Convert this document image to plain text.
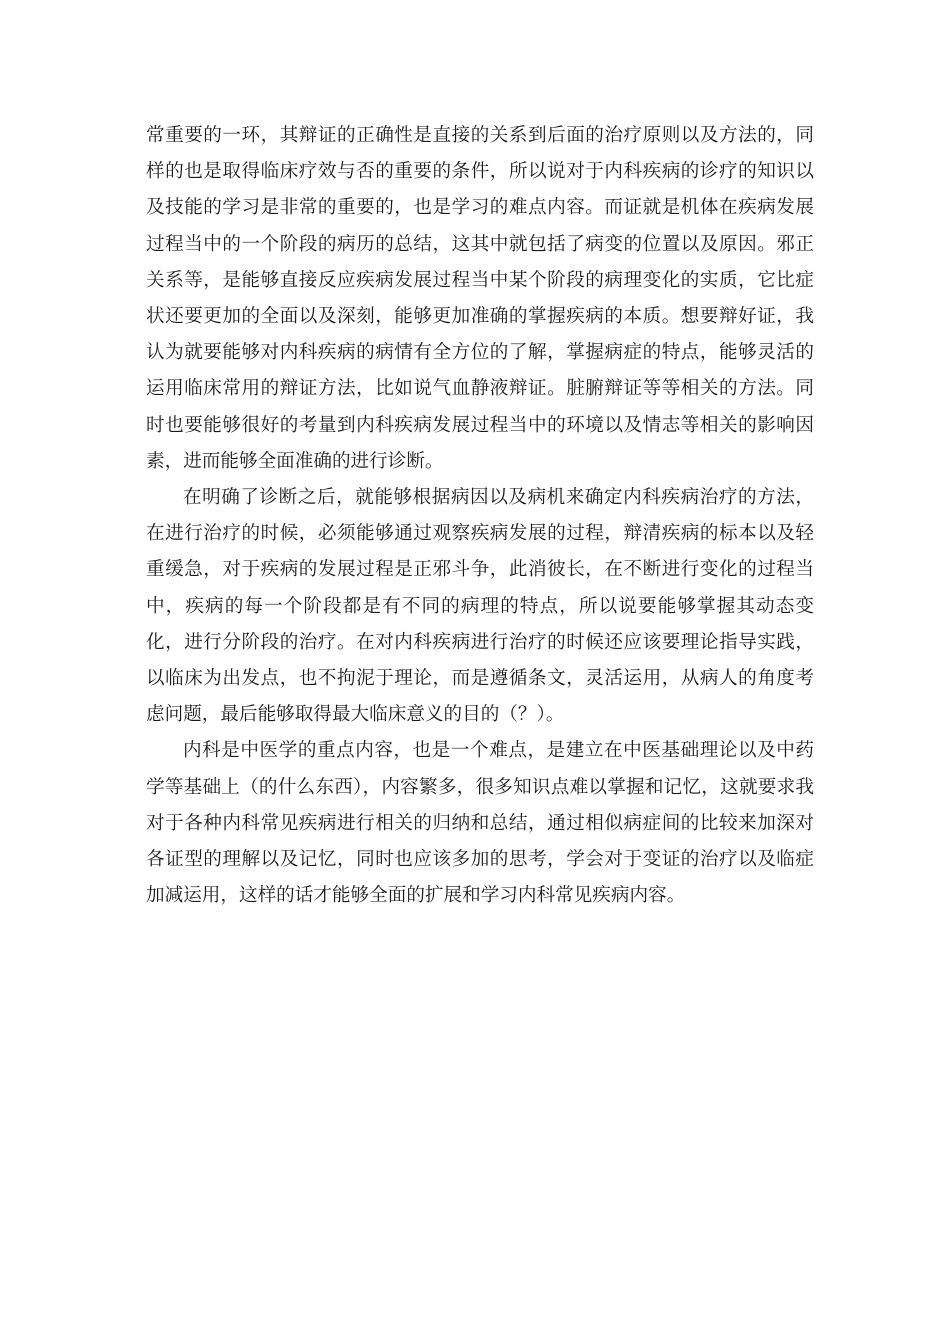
常重要的一环，其辩证的正确性是直接的关系到后面的治疗原则以及方法的，同样的也是取得临床疗效与否的重要的条件，所以说对于内科疾病的诊疗的知识以及技能的学习是非常的重要的，也是学习的难点内容。而证就是机体在疾病发展过程当中的一个阶段的病历的总结，这其中就包括了病变的位置以及原因。邪正关系等，是能够直接反应疾病发展过程当中某个阶段的病理变化的实质，它比症状还要更加的全面以及深刻，能够更加准确的掌握疾病的本质。想要辩好证，我认为就要能够对内科疾病的病情有全方位的了解，掌握病症的特点，能够灵活的运用临床常用的辩证方法，比如说气血静液辩证。脏腑辩证等等相关的方法。同时也要能够很好的考量到内科疾病发展过程当中的环境以及情志等相关的影响因素，进而能够全面准确的进行诊断。

在明确了诊断之后，就能够根据病因以及病机来确定内科疾病治疗的方法，在进行治疗的时候，必须能够通过观察疾病发展的过程，辩清疾病的标本以及轻重缓急，对于疾病的发展过程是正邪斗争，此消彼长，在不断进行变化的过程当中，疾病的每一个阶段都是有不同的病理的特点，所以说要能够掌握其动态变化，进行分阶段的治疗。在对内科疾病进行治疗的时候还应该要理论指导实践，以临床为出发点，也不拘泥于理论，而是遵循条文，灵活运用，从病人的角度考虑问题，最后能够取得最大临床意义的目的（？）。

内科是中医学的重点内容，也是一个难点，是建立在中医基础理论以及中药学等基础上（的什么东西），内容繁多，很多知识点难以掌握和记忆，这就要求我对于各种内科常见疾病进行相关的归纳和总结，通过相似病症间的比较来加深对各证型的理解以及记忆，同时也应该多加的思考，学会对于变证的治疗以及临症加减运用，这样的话才能够全面的扩展和学习内科常见疾病内容。
